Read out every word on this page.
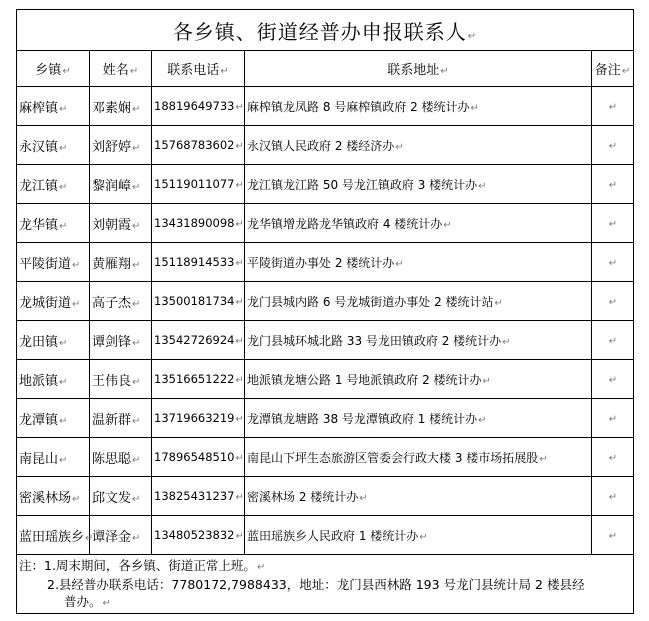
各乡镇、街道经普办申报联系人↵				
乡镇↵	姓名↵	联系电话↵	联系地址↵	备注↵
麻榨镇↵	邓素娴↵	18819649733↵	麻榨镇龙凤路 8 号麻榨镇政府 2 楼统计办↵	↵
永汉镇↵	刘舒婷↵	15768783602↵	永汉镇人民政府 2 楼经济办↵	↵
龙江镇↵	黎润嶂↵	15119011077↵	龙江镇龙江路 50 号龙江镇政府 3 楼统计办↵	↵
龙华镇↵	刘朝霞↵	13431890098↵	龙华镇增龙路龙华镇政府 4 楼统计办↵	↵
平陵街道↵	黄雁翔↵	15118914533↵	平陵街道办事处 2 楼统计办↵	↵
龙城街道↵	高子杰↵	13500181734↵	龙门县城内路 6 号龙城街道办事处 2 楼统计站↵	↵
龙田镇↵	谭剑锋↵	13542726924↵	龙门县城环城北路 33 号龙田镇政府 2 楼统计办↵	↵
地派镇↵	王伟良↵	13516651222↵	地派镇龙塘公路 1 号地派镇政府 2 楼统计办↵	↵
龙潭镇↵	温新群↵	13719663219↵	龙潭镇龙塘路 38 号龙潭镇政府 1 楼统计办↵	↵
南昆山↵	陈思聪↵	17896548510↵	南昆山下坪生态旅游区管委会行政大楼 3 楼市场拓展股↵	↵
密溪林场↵	邱文发↵	13825431237↵	密溪林场 2 楼统计办↵	↵
蓝田瑶族乡↵	谭泽金↵	13480523832↵	蓝田瑶族乡人民政府 1 楼统计办↵	↵

注：1.周末期间，各乡镇、街道正常上班。↵
2.县经普办联系电话：7780172,7988433，地址：龙门县西林路 193 号龙门县统计局 2 楼县经
普办。↵				
